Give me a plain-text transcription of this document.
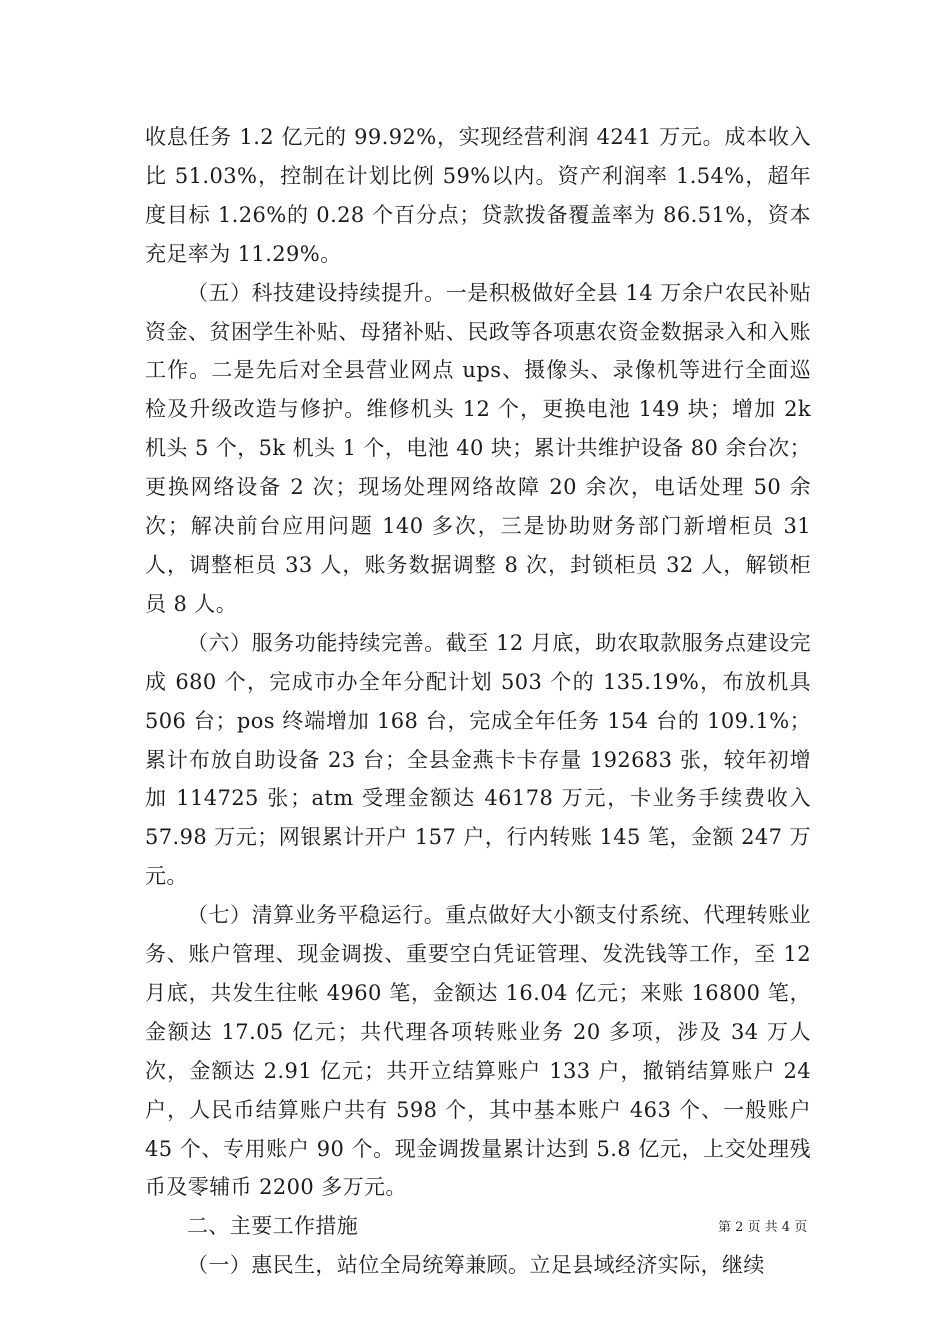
收息任务 1.2 亿元的 99.92%，实现经营利润 4241 万元。成本收入比 51.03%，控制在计划比例 59%以内。资产利润率 1.54%，超年度目标 1.26%的 0.28 个百分点；贷款拨备覆盖率为 86.51%，资本充足率为 11.29%。

（五）科技建设持续提升。一是积极做好全县 14 万余户农民补贴资金、贫困学生补贴、母猪补贴、民政等各项惠农资金数据录入和入账工作。二是先后对全县营业网点 ups、摄像头、录像机等进行全面巡检及升级改造与修护。维修机头 12 个，更换电池 149 块；增加 2k 机头 5 个，5k 机头 1 个，电池 40 块；累计共维护设备 80 余台次；更换网络设备 2 次；现场处理网络故障 20 余次，电话处理 50 余次；解决前台应用问题 140 多次，三是协助财务部门新增柜员 31 人，调整柜员 33 人，账务数据调整 8 次，封锁柜员 32 人，解锁柜员 8 人。

（六）服务功能持续完善。截至 12 月底，助农取款服务点建设完成 680 个，完成市办全年分配计划 503 个的 135.19%，布放机具 506 台；pos 终端增加 168 台，完成全年任务 154 台的 109.1%；累计布放自助设备 23 台；全县金燕卡卡存量 192683 张，较年初增加 114725 张；atm 受理金额达 46178 万元，卡业务手续费收入 57.98 万元；网银累计开户 157 户，行内转账 145 笔，金额 247 万元。

（七）清算业务平稳运行。重点做好大小额支付系统、代理转账业务、账户管理、现金调拨、重要空白凭证管理、发洗钱等工作，至 12 月底，共发生往帐 4960 笔，金额达 16.04 亿元；来账 16800 笔，金额达 17.05 亿元；共代理各项转账业务 20 多项，涉及 34 万人次，金额达 2.91 亿元；共开立结算账户 133 户，撤销结算账户 24 户，人民币结算账户共有 598 个，其中基本账户 463 个、一般账户 45 个、专用账户 90 个。现金调拨量累计达到 5.8 亿元，上交处理残币及零辅币 2200 多万元。

二、主要工作措施

（一）惠民生，站位全局统筹兼顾。立足县域经济实际，继续

第 2 页 共 4 页
